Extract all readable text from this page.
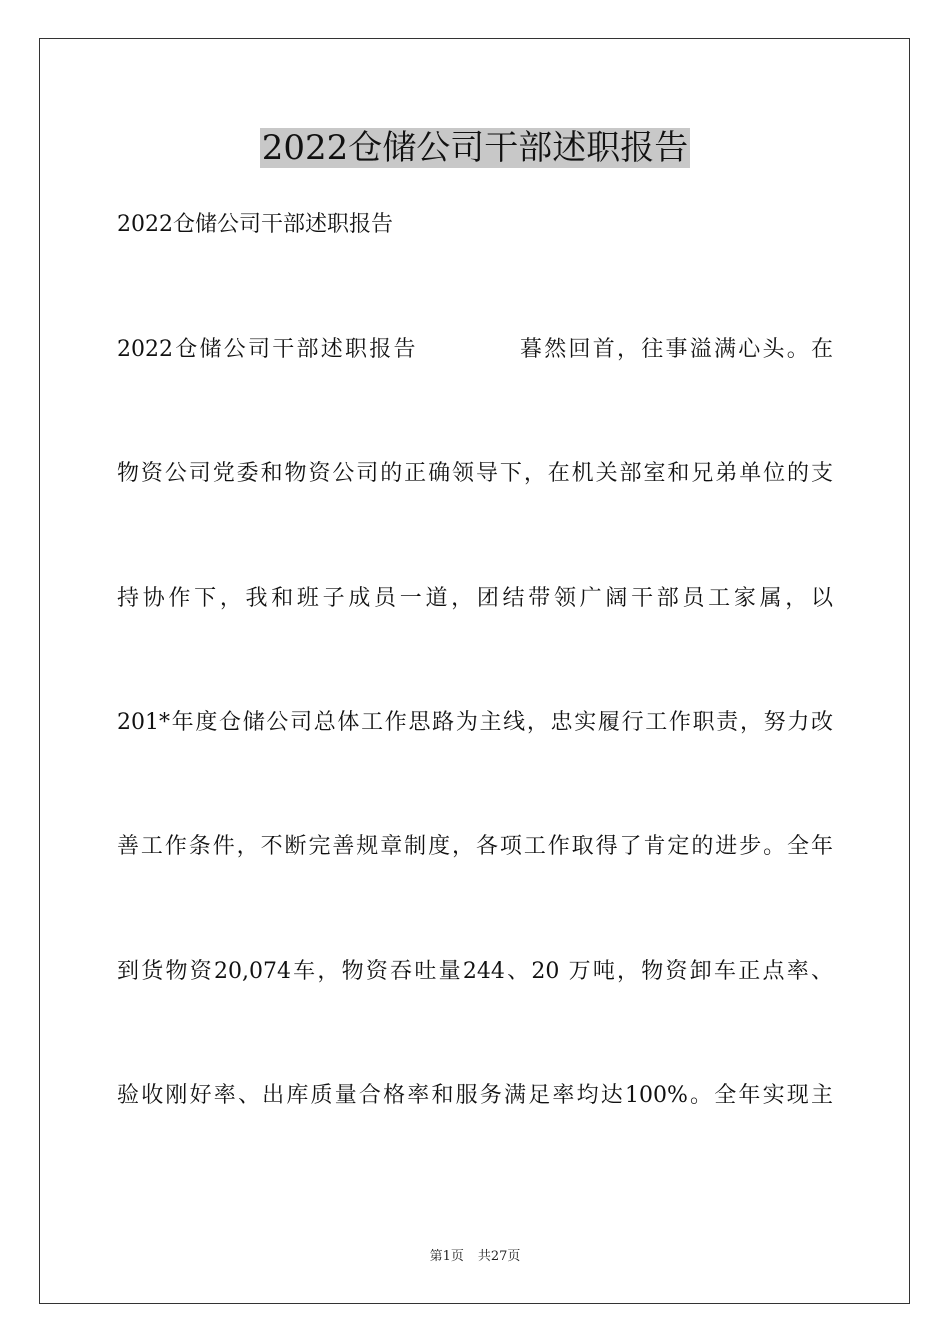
2022仓储公司干部述职报告

2022仓储公司干部述职报告

2022仓储公司干部述职报告	暮然回首，往事溢满心头。在

物资公司党委和物资公司的正确领导下，在机关部室和兄弟单位的支

持协作下，我和班子成员一道，团结带领广阔干部员工家属，以

201*年度仓储公司总体工作思路为主线，忠实履行工作职责，努力改

善工作条件，不断完善规章制度，各项工作取得了肯定的进步。全年

到货物资20,074车，物资吞吐量244、20 万吨，物资卸车正点率、

验收刚好率、出库质量合格率和服务满足率均达100%。全年实现主

第1页 共27页
